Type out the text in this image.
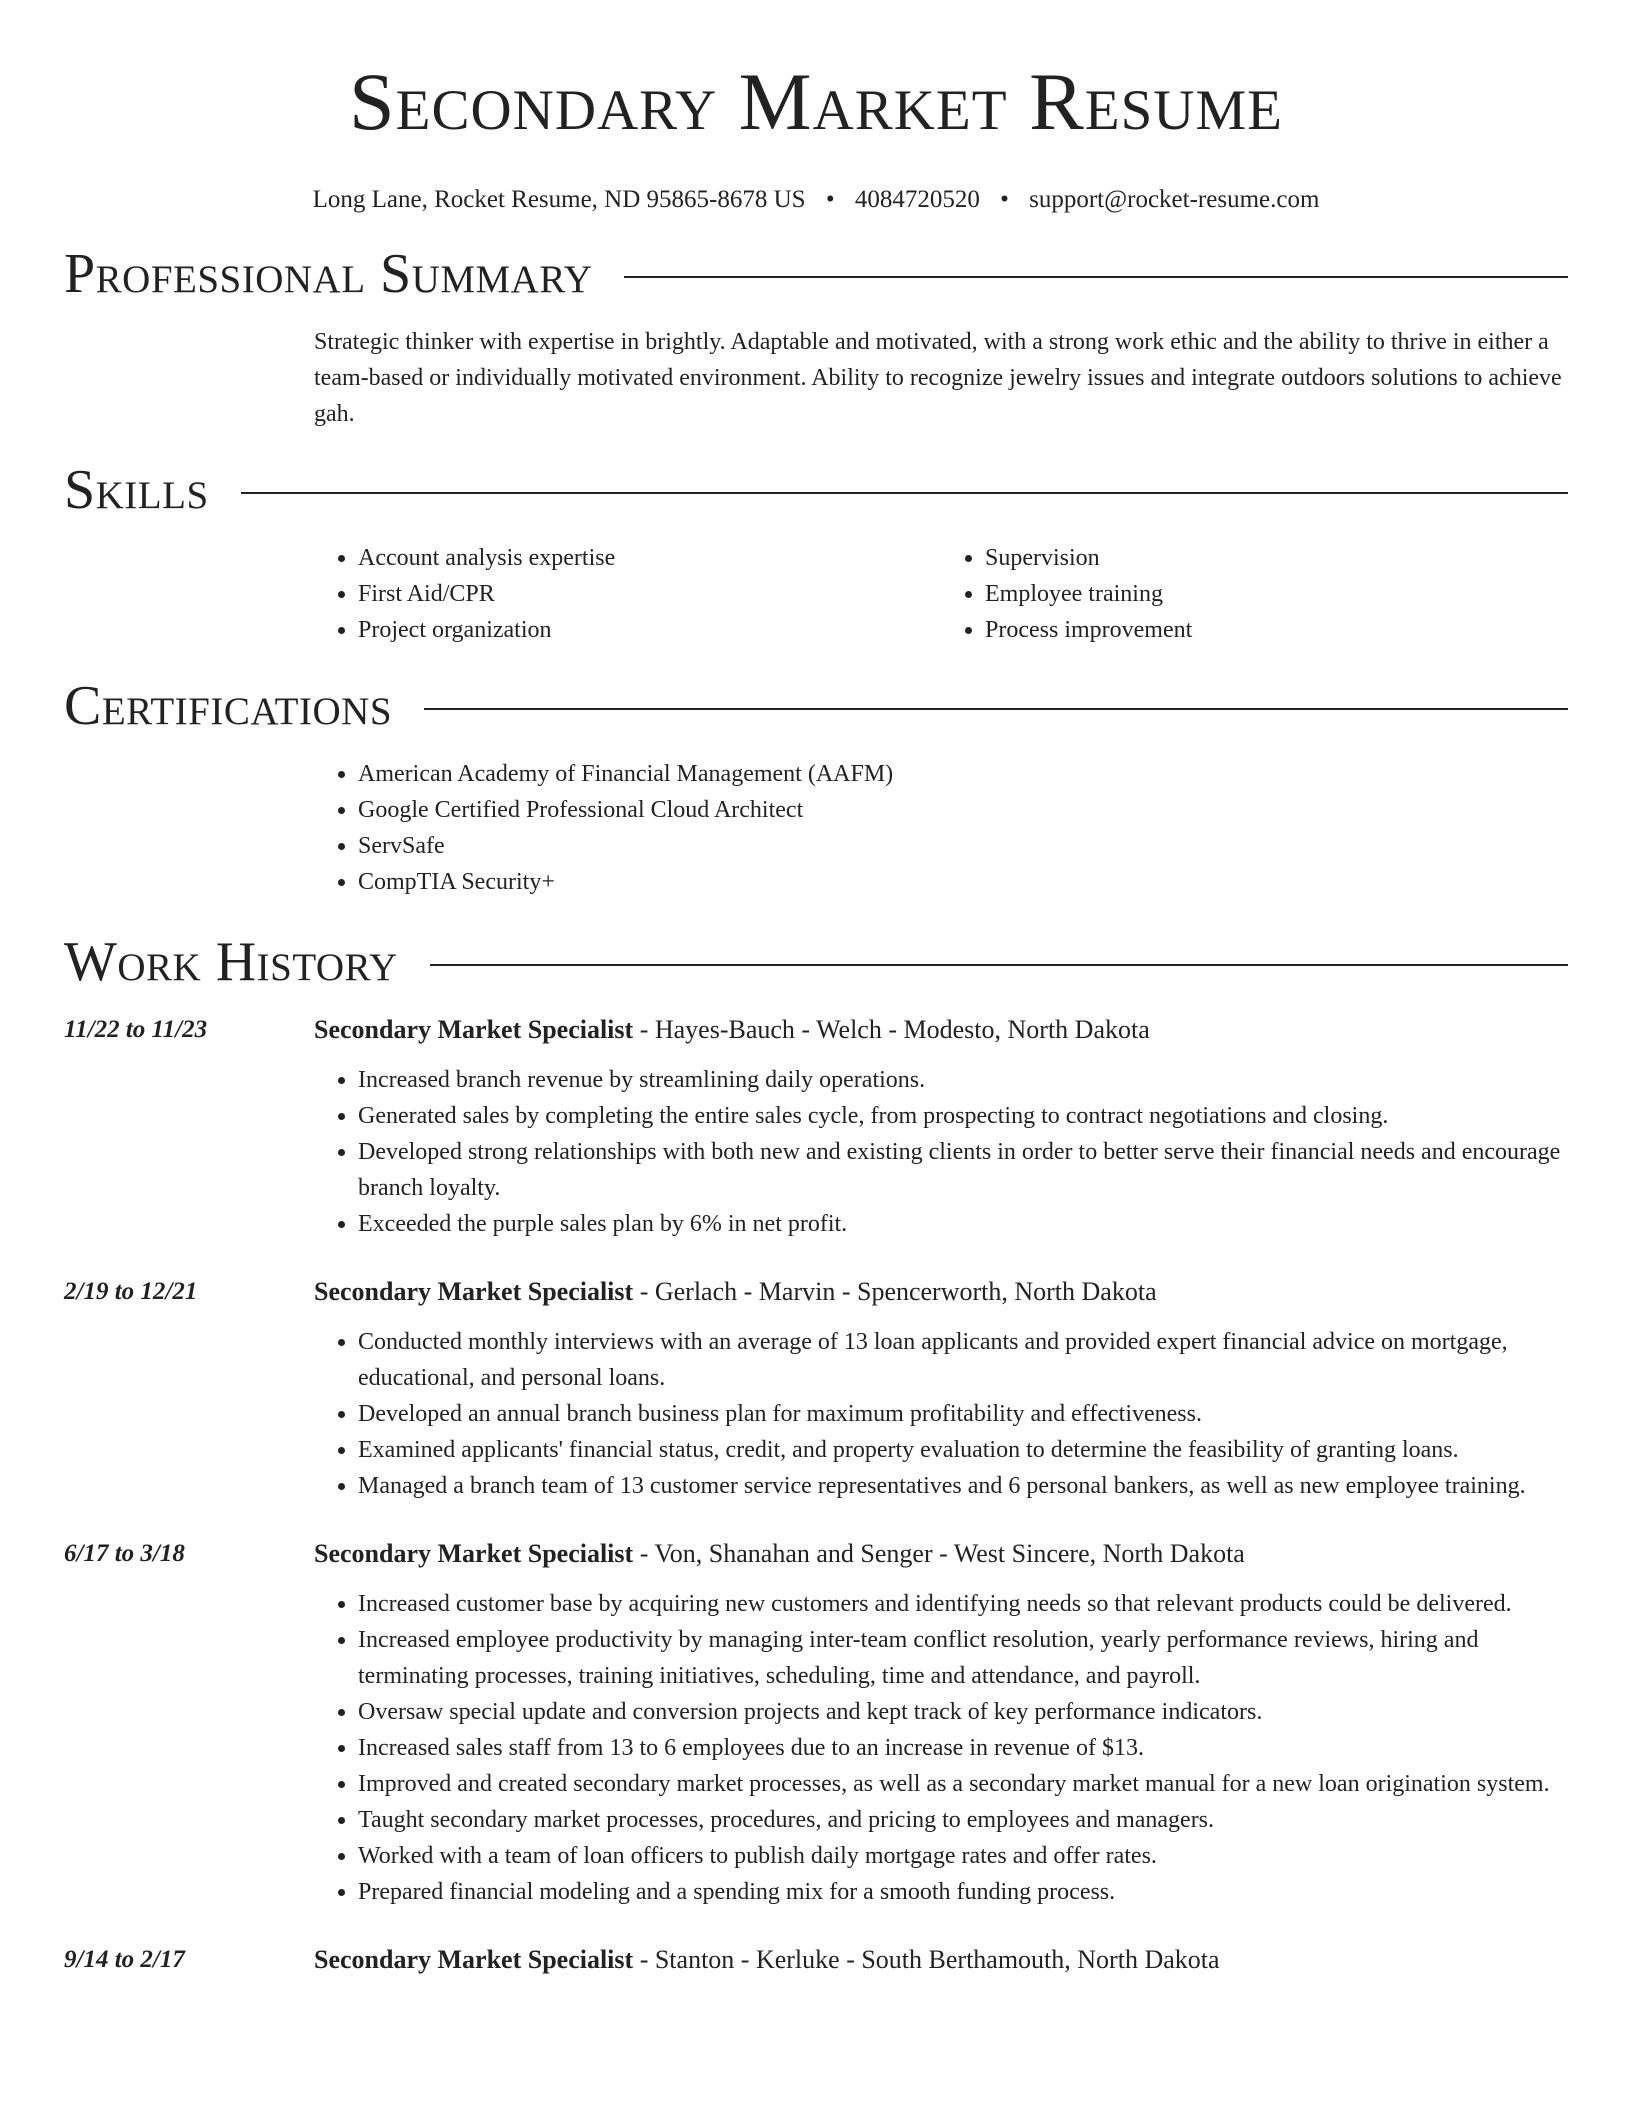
Secondary Market Resume
Long Lane, Rocket Resume, ND 95865-8678 US • 4084720520 • support@rocket-resume.com
Professional Summary
Strategic thinker with expertise in brightly. Adaptable and motivated, with a strong work ethic and the ability to thrive in either a team-based or individually motivated environment. Ability to recognize jewelry issues and integrate outdoors solutions to achieve gah.
Skills
• Account analysis expertise
• First Aid/CPR
• Project organization
• Supervision
• Employee training
• Process improvement
Certifications
• American Academy of Financial Management (AAFM)
• Google Certified Professional Cloud Architect
• ServSafe
• CompTIA Security+
Work History
11/22 to 11/23	Secondary Market Specialist - Hayes-Bauch - Welch - Modesto, North Dakota
• Increased branch revenue by streamlining daily operations.
• Generated sales by completing the entire sales cycle, from prospecting to contract negotiations and closing.
• Developed strong relationships with both new and existing clients in order to better serve their financial needs and encourage branch loyalty.
• Exceeded the purple sales plan by 6% in net profit.
2/19 to 12/21	Secondary Market Specialist - Gerlach - Marvin - Spencerworth, North Dakota
• Conducted monthly interviews with an average of 13 loan applicants and provided expert financial advice on mortgage, educational, and personal loans.
• Developed an annual branch business plan for maximum profitability and effectiveness.
• Examined applicants' financial status, credit, and property evaluation to determine the feasibility of granting loans.
• Managed a branch team of 13 customer service representatives and 6 personal bankers, as well as new employee training.
6/17 to 3/18	Secondary Market Specialist - Von, Shanahan and Senger - West Sincere, North Dakota
• Increased customer base by acquiring new customers and identifying needs so that relevant products could be delivered.
• Increased employee productivity by managing inter-team conflict resolution, yearly performance reviews, hiring and terminating processes, training initiatives, scheduling, time and attendance, and payroll.
• Oversaw special update and conversion projects and kept track of key performance indicators.
• Increased sales staff from 13 to 6 employees due to an increase in revenue of $13.
• Improved and created secondary market processes, as well as a secondary market manual for a new loan origination system.
• Taught secondary market processes, procedures, and pricing to employees and managers.
• Worked with a team of loan officers to publish daily mortgage rates and offer rates.
• Prepared financial modeling and a spending mix for a smooth funding process.
9/14 to 2/17	Secondary Market Specialist - Stanton - Kerluke - South Berthamouth, North Dakota
